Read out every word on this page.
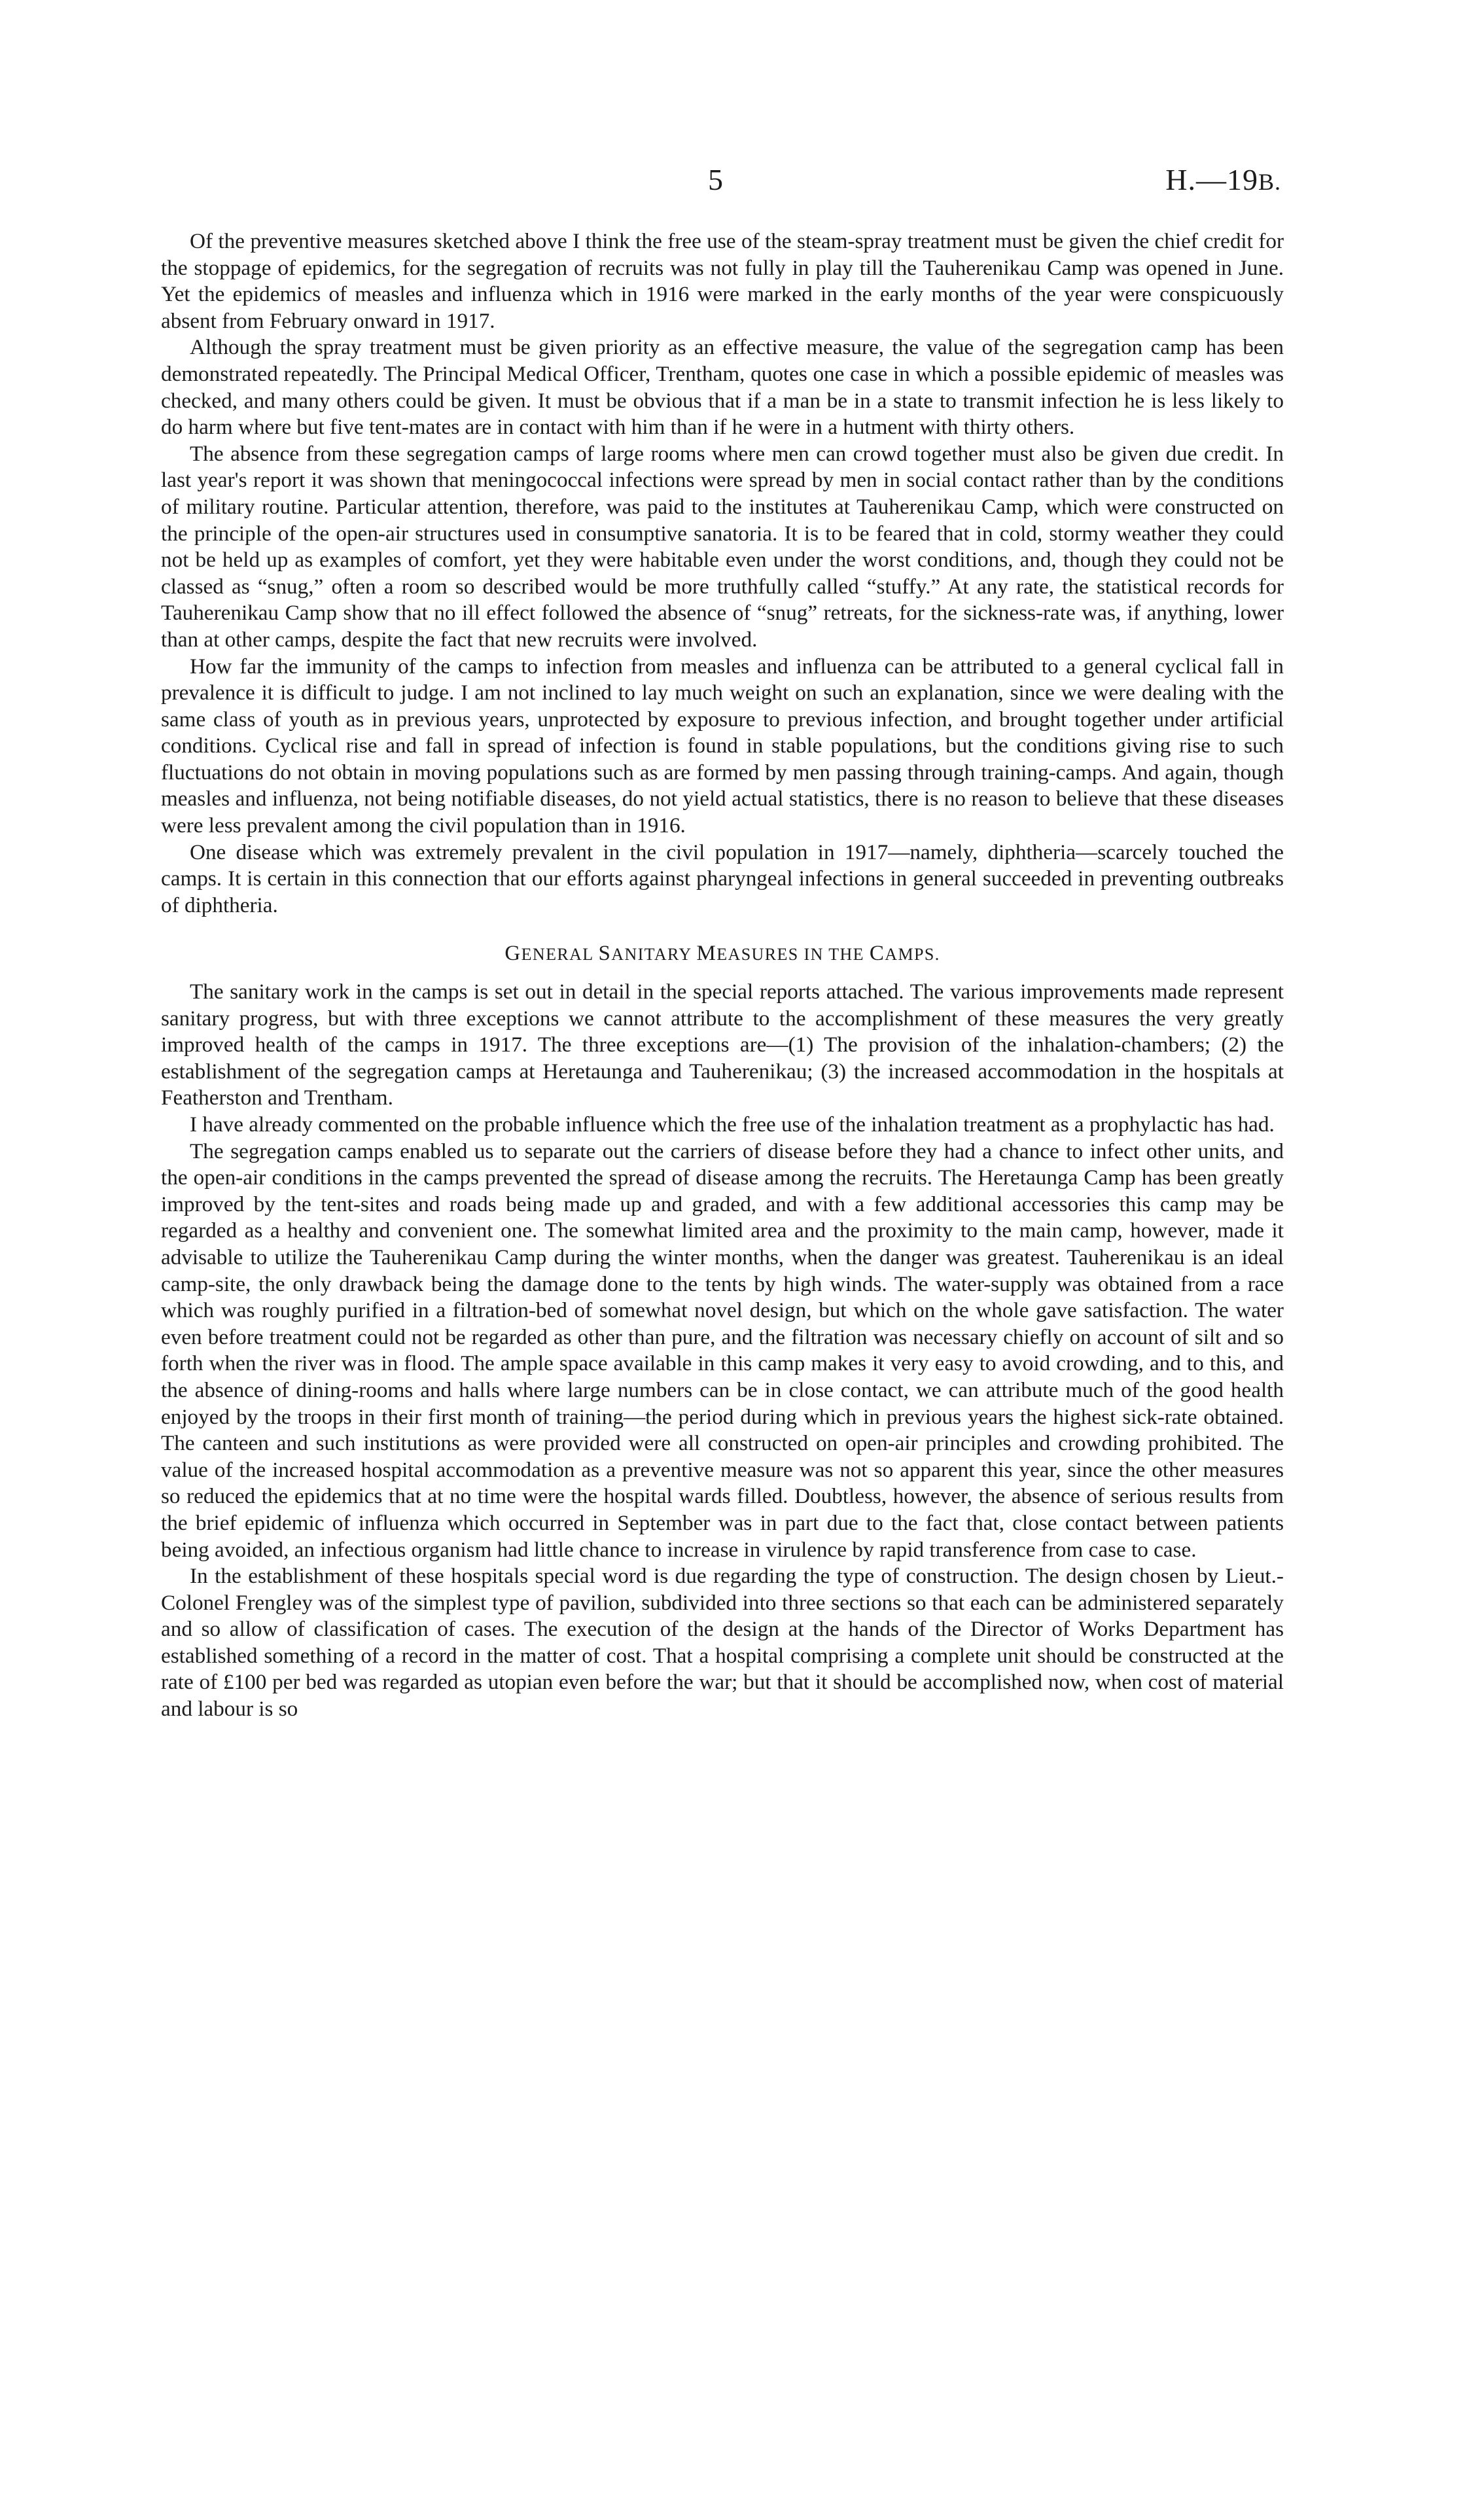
5	H.—19B.

Of the preventive measures sketched above I think the free use of the steam-spray treatment must be given the chief credit for the stoppage of epidemics, for the segregation of recruits was not fully in play till the Tauherenikau Camp was opened in June. Yet the epidemics of measles and influenza which in 1916 were marked in the early months of the year were conspicuously absent from February onward in 1917.

Although the spray treatment must be given priority as an effective measure, the value of the segregation camp has been demonstrated repeatedly. The Principal Medical Officer, Trentham, quotes one case in which a possible epidemic of measles was checked, and many others could be given. It must be obvious that if a man be in a state to transmit infection he is less likely to do harm where but five tent-mates are in contact with him than if he were in a hutment with thirty others.

The absence from these segregation camps of large rooms where men can crowd together must also be given due credit. In last year's report it was shown that meningococcal infections were spread by men in social contact rather than by the conditions of military routine. Particular attention, therefore, was paid to the institutes at Tauherenikau Camp, which were constructed on the principle of the open-air structures used in consumptive sanatoria. It is to be feared that in cold, stormy weather they could not be held up as examples of comfort, yet they were habitable even under the worst conditions, and, though they could not be classed as “snug,” often a room so described would be more truthfully called “stuffy.” At any rate, the statistical records for Tauherenikau Camp show that no ill effect followed the absence of “snug” retreats, for the sickness-rate was, if anything, lower than at other camps, despite the fact that new recruits were involved.

How far the immunity of the camps to infection from measles and influenza can be attributed to a general cyclical fall in prevalence it is difficult to judge. I am not inclined to lay much weight on such an explanation, since we were dealing with the same class of youth as in previous years, unprotected by exposure to previous infection, and brought together under artificial conditions. Cyclical rise and fall in spread of infection is found in stable populations, but the conditions giving rise to such fluctuations do not obtain in moving populations such as are formed by men passing through training-camps. And again, though measles and influenza, not being notifiable diseases, do not yield actual statistics, there is no reason to believe that these diseases were less prevalent among the civil population than in 1916.

One disease which was extremely prevalent in the civil population in 1917—namely, diphtheria—scarcely touched the camps. It is certain in this connection that our efforts against pharyngeal infections in general succeeded in preventing outbreaks of diphtheria.

GENERAL SANITARY MEASURES IN THE CAMPS.

The sanitary work in the camps is set out in detail in the special reports attached. The various improvements made represent sanitary progress, but with three exceptions we cannot attribute to the accomplishment of these measures the very greatly improved health of the camps in 1917. The three exceptions are—(1) The provision of the inhalation-chambers; (2) the establishment of the segregation camps at Heretaunga and Tauherenikau; (3) the increased accommodation in the hospitals at Featherston and Trentham.

I have already commented on the probable influence which the free use of the inhalation treatment as a prophylactic has had.

The segregation camps enabled us to separate out the carriers of disease before they had a chance to infect other units, and the open-air conditions in the camps prevented the spread of disease among the recruits. The Heretaunga Camp has been greatly improved by the tent-sites and roads being made up and graded, and with a few additional accessories this camp may be regarded as a healthy and convenient one. The somewhat limited area and the proximity to the main camp, however, made it advisable to utilize the Tauherenikau Camp during the winter months, when the danger was greatest. Tauherenikau is an ideal camp-site, the only drawback being the damage done to the tents by high winds. The water-supply was obtained from a race which was roughly purified in a filtration-bed of somewhat novel design, but which on the whole gave satisfaction. The water even before treatment could not be regarded as other than pure, and the filtration was necessary chiefly on account of silt and so forth when the river was in flood. The ample space available in this camp makes it very easy to avoid crowding, and to this, and the absence of dining-rooms and halls where large numbers can be in close contact, we can attribute much of the good health enjoyed by the troops in their first month of training—the period during which in previous years the highest sick-rate obtained. The canteen and such institutions as were provided were all constructed on open-air principles and crowding prohibited. The value of the increased hospital accommodation as a preventive measure was not so apparent this year, since the other measures so reduced the epidemics that at no time were the hospital wards filled. Doubtless, however, the absence of serious results from the brief epidemic of influenza which occurred in September was in part due to the fact that, close contact between patients being avoided, an infectious organism had little chance to increase in virulence by rapid transference from case to case.

In the establishment of these hospitals special word is due regarding the type of construction. The design chosen by Lieut.-Colonel Frengley was of the simplest type of pavilion, subdivided into three sections so that each can be administered separately and so allow of classification of cases. The execution of the design at the hands of the Director of Works Department has established something of a record in the matter of cost. That a hospital comprising a complete unit should be constructed at the rate of £100 per bed was regarded as utopian even before the war; but that it should be accomplished now, when cost of material and labour is so
